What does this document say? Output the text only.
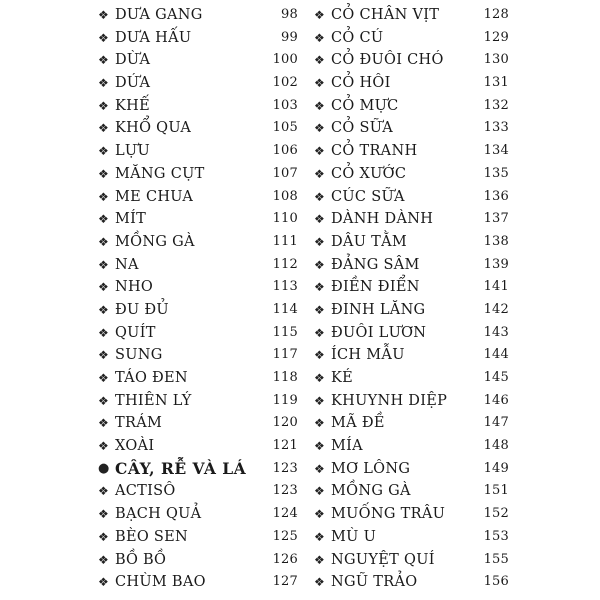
❖ DƯA GANG	98
❖ DƯA HẤU	99
❖ DỪA	100
❖ DỨA	102
❖ KHẾ	103
❖ KHỔ QUA	105
❖ LỰU	106
❖ MĂNG CỤT	107
❖ ME CHUA	108
❖ MÍT	110
❖ MỒNG GÀ	111
❖ NA	112
❖ NHO	113
❖ ĐU ĐỦ	114
❖ QUÍT	115
❖ SUNG	117
❖ TÁO ĐEN	118
❖ THIÊN LÝ	119
❖ TRÁM	120
❖ XOÀI	121
● CÂY, RỄ VÀ LÁ	123
❖ ACTISÔ	123
❖ BẠCH QUẢ	124
❖ BÈO SEN	125
❖ BỒ BỒ	126
❖ CHÙM BAO	127
❖ CỎ CHÂN VỊT	128
❖ CỎ CÚ	129
❖ CỎ ĐUÔI CHÓ	130
❖ CỎ HÔI	131
❖ CỎ MỰC	132
❖ CỎ SỮA	133
❖ CỎ TRANH	134
❖ CỎ XƯỚC	135
❖ CÚC SỮA	136
❖ DÀNH DÀNH	137
❖ DÂU TẰM	138
❖ ĐẢNG SÂM	139
❖ ĐIỀN ĐIỂN	141
❖ ĐINH LĂNG	142
❖ ĐUÔI LƯƠN	143
❖ ÍCH MẪU	144
❖ KÉ	145
❖ KHUYNH DIỆP	146
❖ MÃ ĐỀ	147
❖ MÍA	148
❖ MƠ LÔNG	149
❖ MỒNG GÀ	151
❖ MUỐNG TRÂU	152
❖ MÙ U	153
❖ NGUYỆT QUÍ	155
❖ NGŨ TRẢO	156
